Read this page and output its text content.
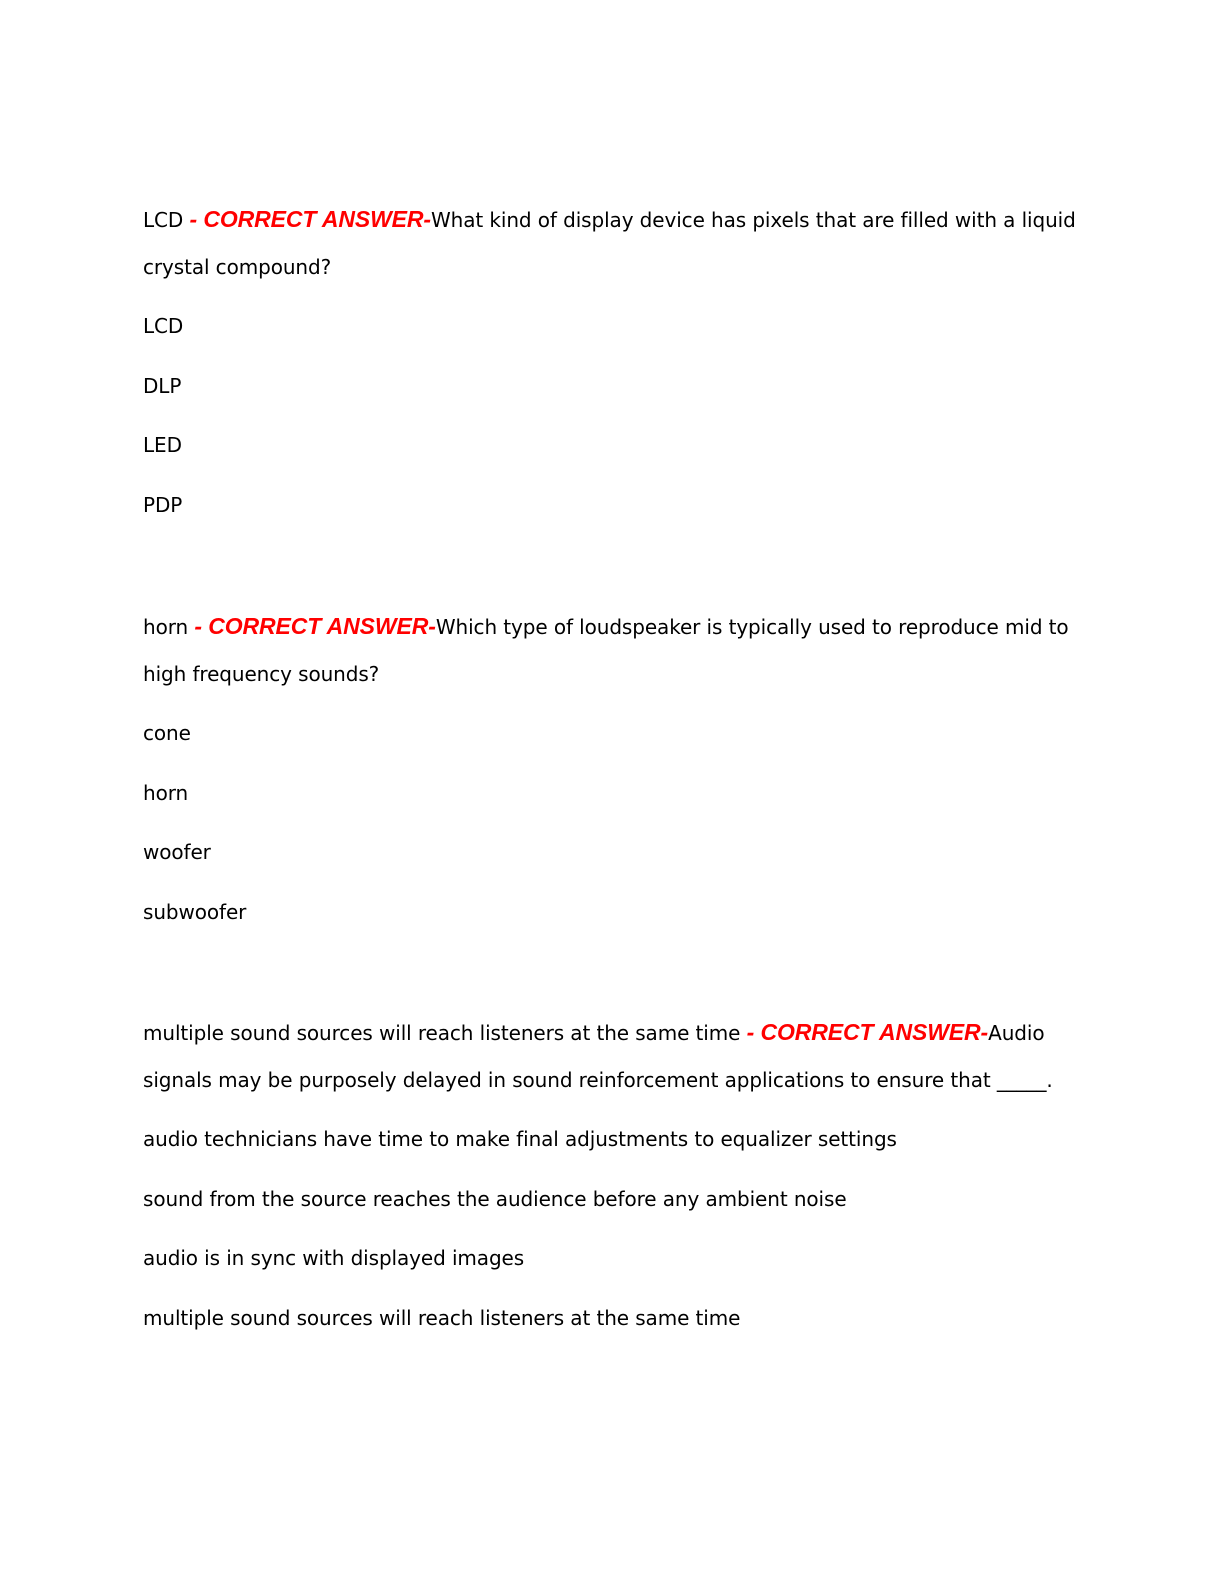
LCD - CORRECT ANSWER-What kind of display device has pixels that are filled with a liquid crystal compound?

LCD

DLP

LED

PDP

horn - CORRECT ANSWER-Which type of loudspeaker is typically used to reproduce mid to high frequency sounds?

cone

horn

woofer

subwoofer

multiple sound sources will reach listeners at the same time - CORRECT ANSWER-Audio signals may be purposely delayed in sound reinforcement applications to ensure that _____.

audio technicians have time to make final adjustments to equalizer settings

sound from the source reaches the audience before any ambient noise

audio is in sync with displayed images

multiple sound sources will reach listeners at the same time
